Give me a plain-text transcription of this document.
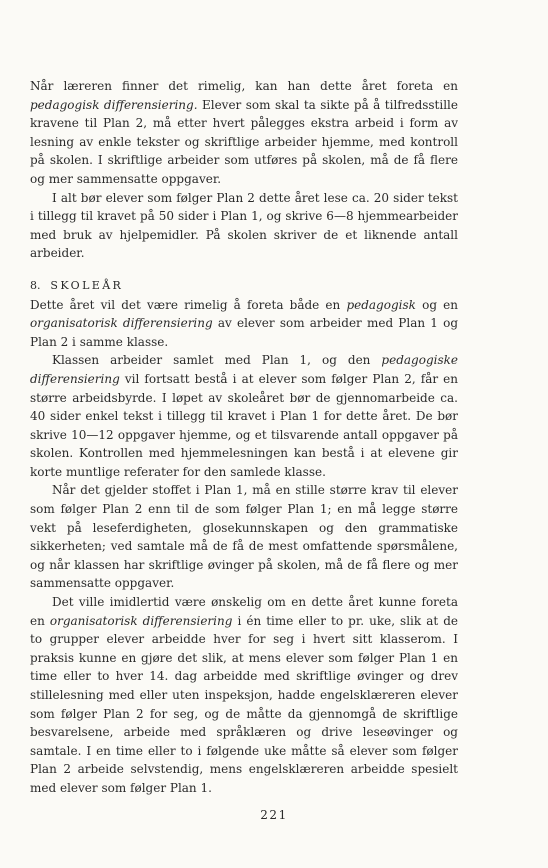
Når læreren finner det rimelig, kan han dette året foreta en pedagogisk differensiering. Elever som skal ta sikte på å tilfredsstille kravene til Plan 2, må etter hvert pålegges ekstra arbeid i form av lesning av enkle tekster og skriftlige arbeider hjemme, med kontroll på skolen. I skriftlige arbeider som utføres på skolen, må de få flere og mer sammensatte oppgaver.

I alt bør elever som følger Plan 2 dette året lese ca. 20 sider tekst i tillegg til kravet på 50 sider i Plan 1, og skrive 6—8 hjemmearbeider med bruk av hjelpemidler. På skolen skriver de et liknende antall arbeider.

8. SKOLEÅR

Dette året vil det være rimelig å foreta både en pedagogisk og en organisatorisk differensiering av elever som arbeider med Plan 1 og Plan 2 i samme klasse.

Klassen arbeider samlet med Plan 1, og den pedagogiske differensiering vil fortsatt bestå i at elever som følger Plan 2, får en større arbeidsbyrde. I løpet av skoleåret bør de gjennomarbeide ca. 40 sider enkel tekst i tillegg til kravet i Plan 1 for dette året. De bør skrive 10—12 oppgaver hjemme, og et tilsvarende antall oppgaver på skolen. Kontrollen med hjemmelesningen kan bestå i at elevene gir korte muntlige referater for den samlede klasse.

Når det gjelder stoffet i Plan 1, må en stille større krav til elever som følger Plan 2 enn til de som følger Plan 1; en må legge større vekt på leseferdigheten, glosekunnskapen og den grammatiske sikkerheten; ved samtale må de få de mest omfattende spørsmålene, og når klassen har skriftlige øvinger på skolen, må de få flere og mer sammensatte oppgaver.

Det ville imidlertid være ønskelig om en dette året kunne foreta en organisatorisk differensiering i én time eller to pr. uke, slik at de to grupper elever arbeidde hver for seg i hvert sitt klasserom. I praksis kunne en gjøre det slik, at mens elever som følger Plan 1 en time eller to hver 14. dag arbeidde med skriftlige øvinger og drev stillelesning med eller uten inspeksjon, hadde engelsklæreren elever som følger Plan 2 for seg, og de måtte da gjennomgå de skriftlige besvarelsene, arbeide med språklæren og drive leseøvinger og samtale. I en time eller to i følgende uke måtte så elever som følger Plan 2 arbeide selvstendig, mens engelsklæreren arbeidde spesielt med elever som følger Plan 1.

221
